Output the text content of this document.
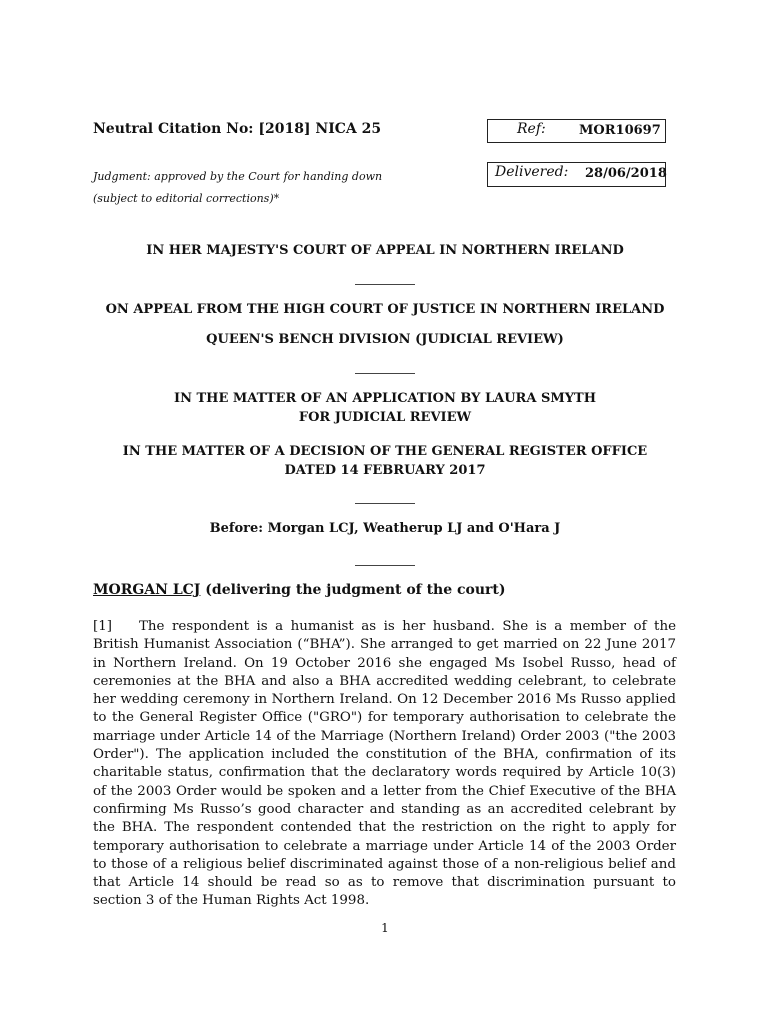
Neutral Citation No: [2018] NICA 25
Judgment: approved by the Court for handing down
(subject to editorial corrections)*
Ref:	MOR10697
Delivered: 28/06/2018
IN HER MAJESTY'S COURT OF APPEAL IN NORTHERN IRELAND
ON APPEAL FROM THE HIGH COURT OF JUSTICE IN NORTHERN IRELAND
QUEEN'S BENCH DIVISION (JUDICIAL REVIEW)
IN THE MATTER OF AN APPLICATION BY LAURA SMYTH
FOR JUDICIAL REVIEW
IN THE MATTER OF A DECISION OF THE GENERAL REGISTER OFFICE
DATED 14 FEBRUARY 2017
Before: Morgan LCJ, Weatherup LJ and O'Hara J
MORGAN LCJ (delivering the judgment of the court)
[1] The respondent is a humanist as is her husband. She is a member of the British Humanist Association (“BHA”). She arranged to get married on 22 June 2017 in Northern Ireland. On 19 October 2016 she engaged Ms Isobel Russo, head of ceremonies at the BHA and also a BHA accredited wedding celebrant, to celebrate her wedding ceremony in Northern Ireland. On 12 December 2016 Ms Russo applied to the General Register Office ("GRO") for temporary authorisation to celebrate the marriage under Article 14 of the Marriage (Northern Ireland) Order 2003 ("the 2003 Order"). The application included the constitution of the BHA, confirmation of its charitable status, confirmation that the declaratory words required by Article 10(3) of the 2003 Order would be spoken and a letter from the Chief Executive of the BHA confirming Ms Russo’s good character and standing as an accredited celebrant by the BHA. The respondent contended that the restriction on the right to apply for temporary authorisation to celebrate a marriage under Article 14 of the 2003 Order to those of a religious belief discriminated against those of a non-religious belief and that Article 14 should be read so as to remove that discrimination pursuant to section 3 of the Human Rights Act 1998.
1
